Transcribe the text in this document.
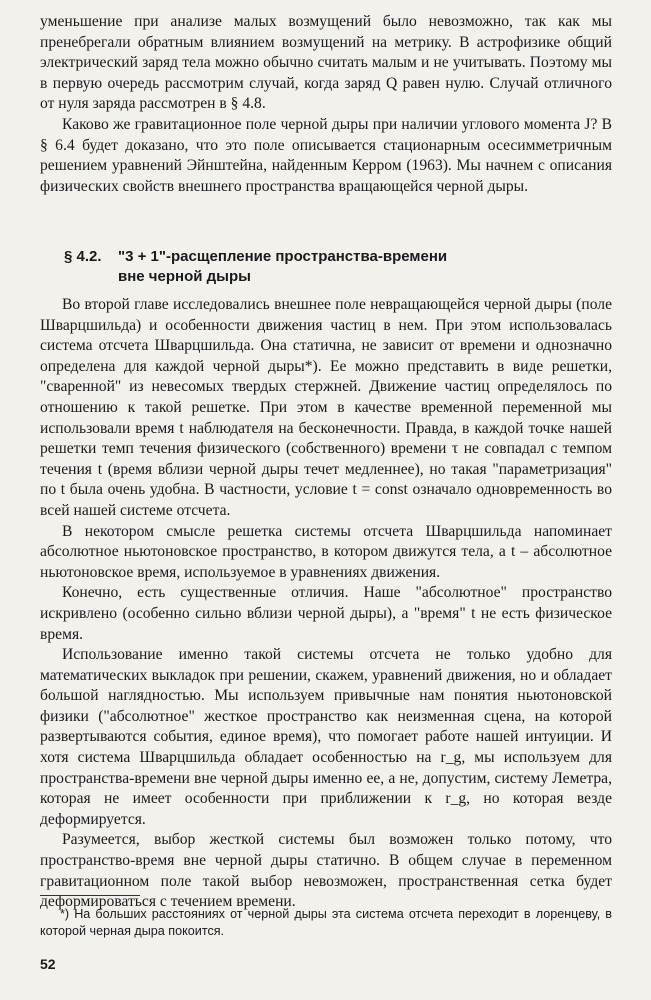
уменьшение при анализе малых возмущений было невозможно, так как мы пренебрегали обратным влиянием возмущений на метрику. В астрофизике общий электрический заряд тела можно обычно считать малым и не учитывать. Поэтому мы в первую очередь рассмотрим случай, когда заряд Q равен нулю. Случай отличного от нуля заряда рассмотрен в § 4.8.

Каково же гравитационное поле черной дыры при наличии углового момента J? В § 6.4 будет доказано, что это поле описывается стационарным осесимметричным решением уравнений Эйнштейна, найденным Керром (1963). Мы начнем с описания физических свойств внешнего пространства вращающейся черной дыры.

§ 4.2. "3 + 1"-расщепление пространства-времени
вне черной дыры

Во второй главе исследовались внешнее поле невращающейся черной дыры (поле Шварцшильда) и особенности движения частиц в нем. При этом использовалась система отсчета Шварцшильда. Она статична, не зависит от времени и однозначно определена для каждой черной дыры*). Ее можно представить в виде решетки, "сваренной" из невесомых твердых стержней. Движение частиц определялось по отношению к такой решетке. При этом в качестве временной переменной мы использовали время t наблюдателя на бесконечности. Правда, в каждой точке нашей решетки темп течения физического (собственного) времени τ не совпадал с темпом течения t (время вблизи черной дыры течет медленнее), но такая "параметризация" по t была очень удобна. В частности, условие t = const означало одновременность во всей нашей системе отсчета.

В некотором смысле решетка системы отсчета Шварцшильда напоминает абсолютное ньютоновское пространство, в котором движутся тела, а t – абсолютное ньютоновское время, используемое в уравнениях движения.

Конечно, есть существенные отличия. Наше "абсолютное" пространство искривлено (особенно сильно вблизи черной дыры), а "время" t не есть физическое время.

Использование именно такой системы отсчета не только удобно для математических выкладок при решении, скажем, уравнений движения, но и обладает большой наглядностью. Мы используем привычные нам понятия ньютоновской физики ("абсолютное" жесткое пространство как неизменная сцена, на которой развертываются события, единое время), что помогает работе нашей интуиции. И хотя система Шварцшильда обладает особенностью на r_g, мы используем для пространства-времени вне черной дыры именно ее, а не, допустим, систему Леметра, которая не имеет особенности при приближении к r_g, но которая везде деформируется.

Разумеется, выбор жесткой системы был возможен только потому, что пространство-время вне черной дыры статично. В общем случае в переменном гравитационном поле такой выбор невозможен, пространственная сетка будет деформироваться с течением времени.

*) На больших расстояниях от черной дыры эта система отсчета переходит в лоренцеву, в которой черная дыра покоится.

52
